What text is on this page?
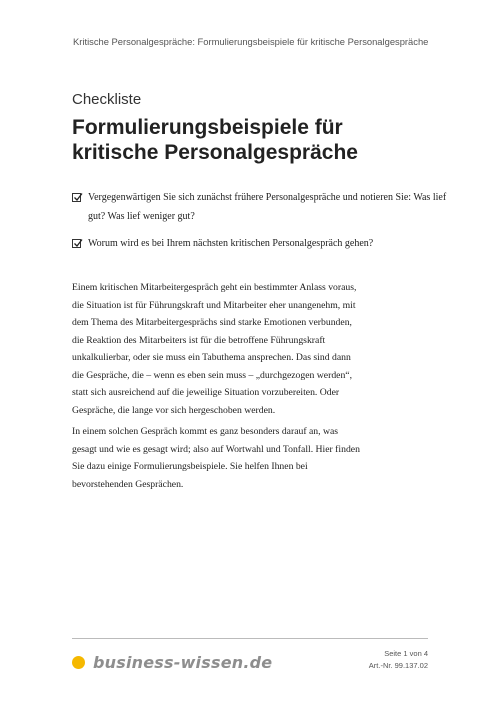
Kritische Personalgespräche: Formulierungsbeispiele für kritische Personalgespräche
Checkliste
Formulierungsbeispiele für kritische Personalgespräche
Vergegenwärtigen Sie sich zunächst frühere Personalgespräche und notieren Sie: Was lief gut? Was lief weniger gut?
Worum wird es bei Ihrem nächsten kritischen Personalgespräch gehen?

Einem kritischen Mitarbeitergespräch geht ein bestimmter Anlass voraus, die Situation ist für Führungskraft und Mitarbeiter eher unangenehm, mit dem Thema des Mitarbeitergesprächs sind starke Emotionen verbunden, die Reaktion des Mitarbeiters ist für die betroffene Führungskraft unkalkulierbar, oder sie muss ein Tabuthema ansprechen. Das sind dann die Gespräche, die – wenn es eben sein muss – „durchgezogen werden“, statt sich ausreichend auf die jeweilige Situation vorzubereiten. Oder Gespräche, die lange vor sich hergeschoben werden.

In einem solchen Gespräch kommt es ganz besonders darauf an, was gesagt und wie es gesagt wird; also auf Wortwahl und Tonfall. Hier finden Sie dazu einige Formulierungsbeispiele. Sie helfen Ihnen bei bevorstehenden Gesprächen.

business-wissen.de	Seite 1 von 4
Art.-Nr. 99.137.02
